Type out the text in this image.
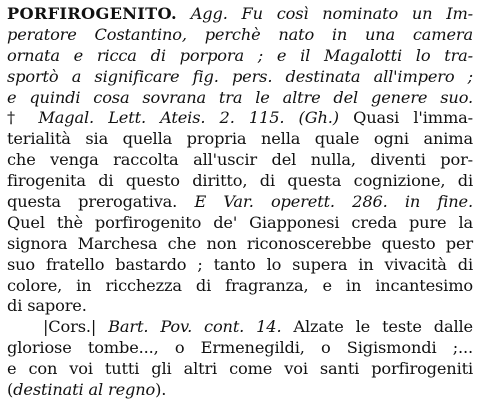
PORFIROGENITO. Agg. Fu così nominato un Im-
peratore Costantino, perchè nato in una camera
ornata e ricca di porpora ; e il Magalotti lo tra-
sportò a significare fig. pers. destinata all'impero ;
e quindi cosa sovrana tra le altre del genere suo.
† Magal. Lett. Ateis. 2. 115. (Gh.) Quasi l'imma-
terialità sia quella propria nella quale ogni anima
che venga raccolta all'uscir del nulla, diventi por-
firogenita di questo diritto, di questa cognizione, di
questa prerogativa. E Var. operett. 286. in fine.
Quel thè porfirogenito de' Giapponesi creda pure la
signora Marchesa che non riconoscerebbe questo per
suo fratello bastardo ; tanto lo supera in vivacità di
colore, in ricchezza di fragranza, e in incantesimo
di sapore.
|Cors.| Bart. Pov. cont. 14. Alzate le teste dalle
gloriose tombe..., o Ermenegildi, o Sigismondi ;...
e con voi tutti gli altri come voi santi porfirogeniti
(destinati al regno).
